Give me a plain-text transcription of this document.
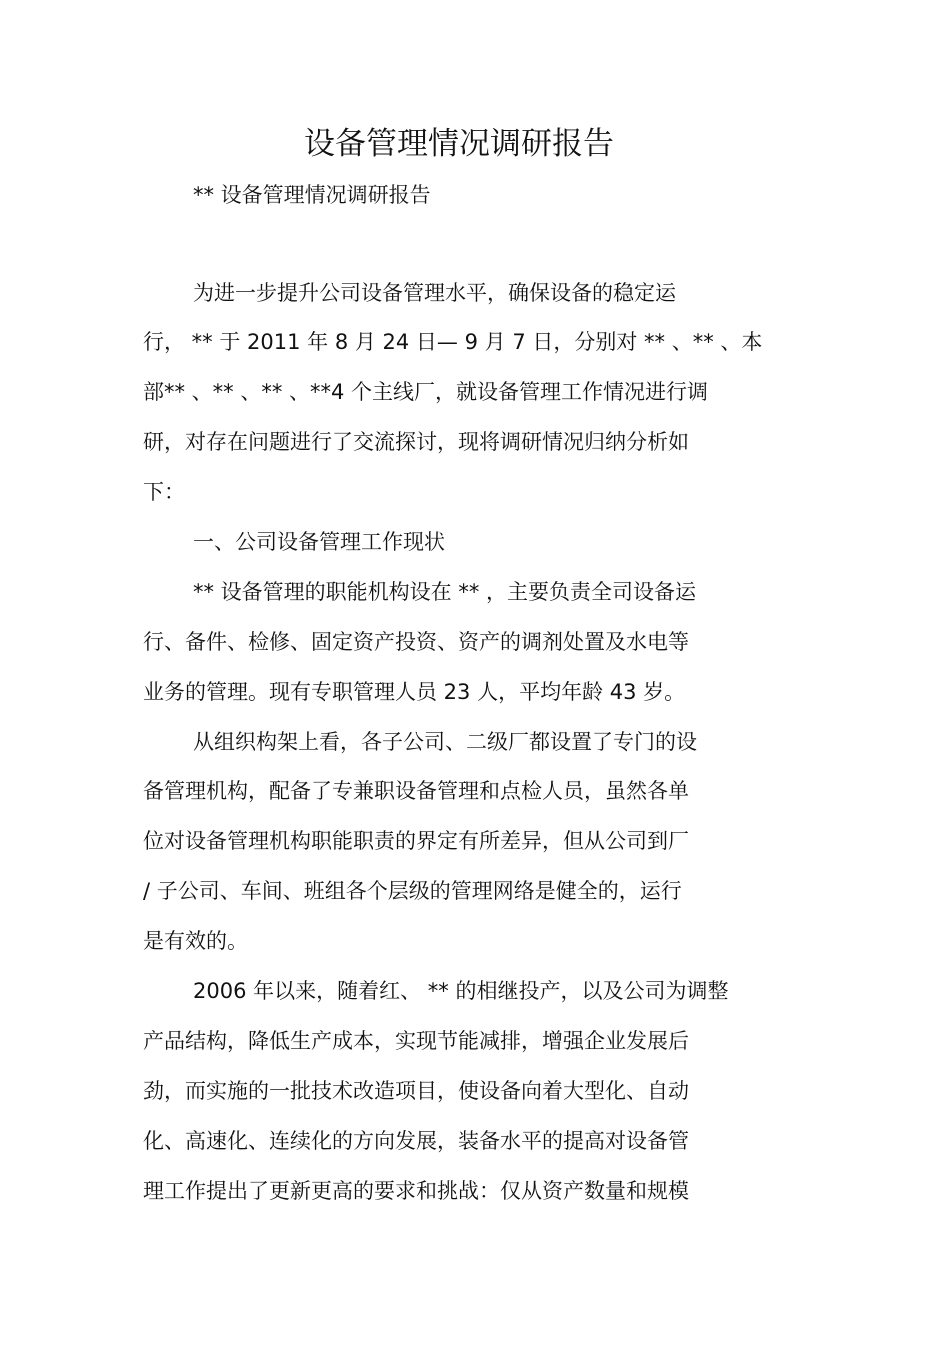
设备管理情况调研报告
** 设备管理情况调研报告
为进一步提升公司设备管理水平，确保设备的稳定运
行， ** 于 2011 年 8 月 24 日— 9 月 7 日，分别对 ** 、** 、本
部** 、** 、** 、**4 个主线厂，就设备管理工作情况进行调
研，对存在问题进行了交流探讨，现将调研情况归纳分析如
下：
一、公司设备管理工作现状
** 设备管理的职能机构设在 ** ，主要负责全司设备运
行、备件、检修、固定资产投资、资产的调剂处置及水电等
业务的管理。现有专职管理人员 23 人，平均年龄 43 岁。
从组织构架上看，各子公司、二级厂都设置了专门的设
备管理机构，配备了专兼职设备管理和点检人员，虽然各单
位对设备管理机构职能职责的界定有所差异，但从公司到厂
/ 子公司、车间、班组各个层级的管理网络是健全的，运行
是有效的。
2006 年以来，随着红、 ** 的相继投产，以及公司为调整
产品结构，降低生产成本，实现节能减排，增强企业发展后
劲，而实施的一批技术改造项目，使设备向着大型化、自动
化、高速化、连续化的方向发展，装备水平的提高对设备管
理工作提出了更新更高的要求和挑战：仅从资产数量和规模
